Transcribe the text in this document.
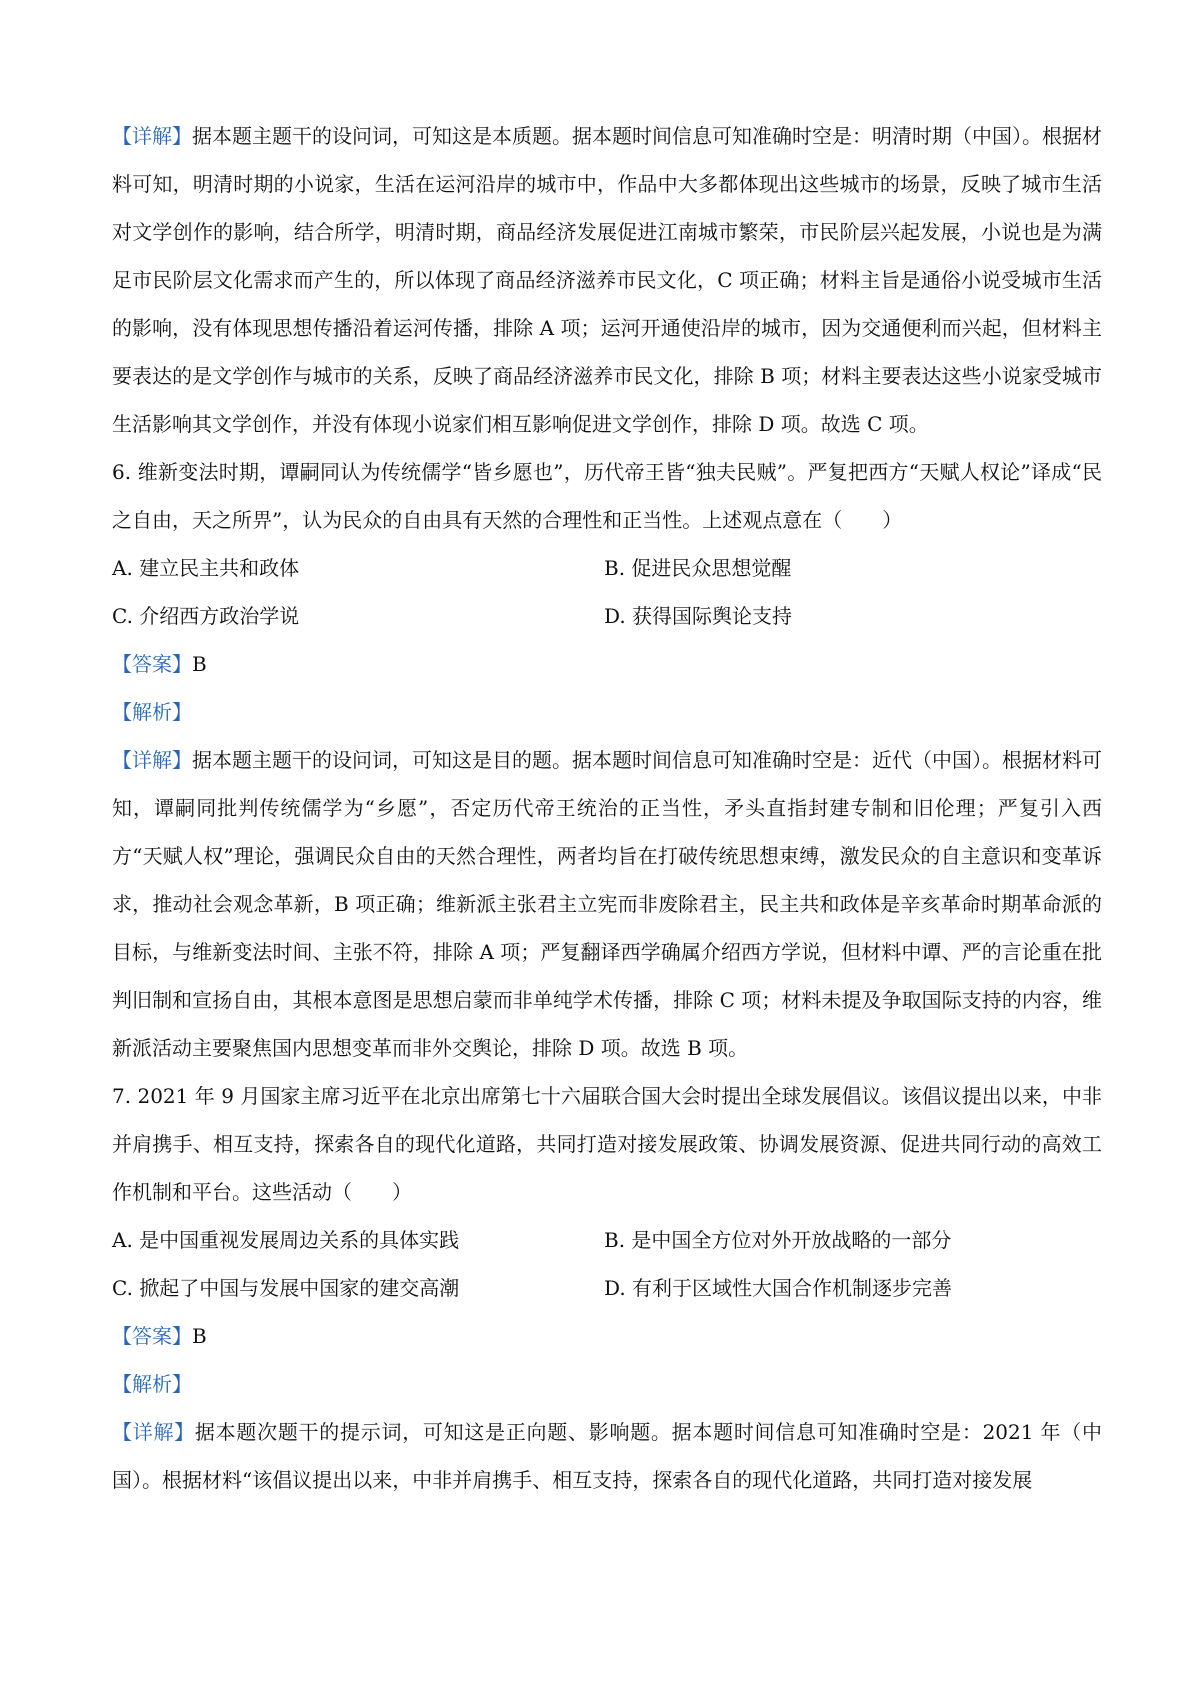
【详解】据本题主题干的设问词，可知这是本质题。据本题时间信息可知准确时空是：明清时期（中国）。根据材料可知，明清时期的小说家，生活在运河沿岸的城市中，作品中大多都体现出这些城市的场景，反映了城市生活对文学创作的影响，结合所学，明清时期，商品经济发展促进江南城市繁荣，市民阶层兴起发展，小说也是为满足市民阶层文化需求而产生的，所以体现了商品经济滋养市民文化，C 项正确；材料主旨是通俗小说受城市生活的影响，没有体现思想传播沿着运河传播，排除 A 项；运河开通使沿岸的城市，因为交通便利而兴起，但材料主要表达的是文学创作与城市的关系，反映了商品经济滋养市民文化，排除 B 项；材料主要表达这些小说家受城市生活影响其文学创作，并没有体现小说家们相互影响促进文学创作，排除 D 项。故选 C 项。

6. 维新变法时期，谭嗣同认为传统儒学“皆乡愿也”，历代帝王皆“独夫民贼”。严复把西方“天赋人权论”译成“民之自由，天之所畀”，认为民众的自由具有天然的合理性和正当性。上述观点意在（　　）

A. 建立民主共和政体	B. 促进民众思想觉醒
C. 介绍西方政治学说	D. 获得国际舆论支持

【答案】B

【解析】

【详解】据本题主题干的设问词，可知这是目的题。据本题时间信息可知准确时空是：近代（中国）。根据材料可知，谭嗣同批判传统儒学为“乡愿”，否定历代帝王统治的正当性，矛头直指封建专制和旧伦理；严复引入西方“天赋人权”理论，强调民众自由的天然合理性，两者均旨在打破传统思想束缚，激发民众的自主意识和变革诉求，推动社会观念革新，B 项正确；维新派主张君主立宪而非废除君主，民主共和政体是辛亥革命时期革命派的目标，与维新变法时间、主张不符，排除 A 项；严复翻译西学确属介绍西方学说，但材料中谭、严的言论重在批判旧制和宣扬自由，其根本意图是思想启蒙而非单纯学术传播，排除 C 项；材料未提及争取国际支持的内容，维新派活动主要聚焦国内思想变革而非外交舆论，排除 D 项。故选 B 项。

7. 2021 年 9 月国家主席习近平在北京出席第七十六届联合国大会时提出全球发展倡议。该倡议提出以来，中非并肩携手、相互支持，探索各自的现代化道路，共同打造对接发展政策、协调发展资源、促进共同行动的高效工作机制和平台。这些活动（　　）

A. 是中国重视发展周边关系的具体实践	B. 是中国全方位对外开放战略的一部分
C. 掀起了中国与发展中国家的建交高潮	D. 有利于区域性大国合作机制逐步完善

【答案】B

【解析】

【详解】据本题次题干的提示词，可知这是正向题、影响题。据本题时间信息可知准确时空是：2021 年（中国）。根据材料“该倡议提出以来，中非并肩携手、相互支持，探索各自的现代化道路，共同打造对接发展
